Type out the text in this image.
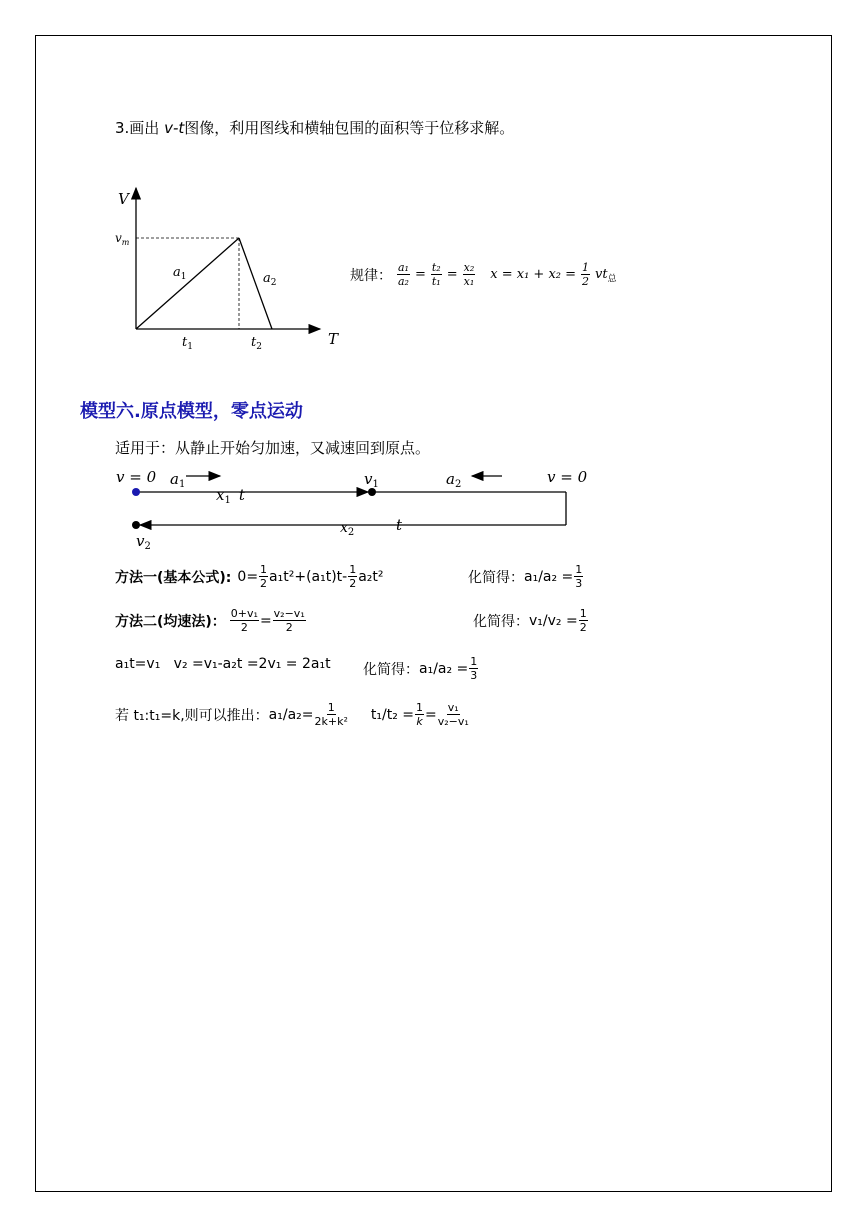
3.画出 v-t图像，利用图线和横轴包围的面积等于位移求解。
V
T
$v_m$
$a_1$	$a_2$
$t_1$	$t_2$
规律： $\frac{\text{a₁}}{\text{a₂}} = \frac{\text{t₂}}{\text{t₁}} = \frac{\text{x₂}}{\text{x₁}}$ $x = x_1 + x_2 = \frac{1}{2} vt_总$
模型六.原点模型，零点运动
适用于：从静止开始匀加速，又减速回到原点。
v = 0 $a_1$
$x_1$ t
$v_1$	$a_2$	v = 0
$x_2$	t
$v_2$
方法一(基本公式): $0= \frac{1}{2} a_1t^2+(a_1t)t- \frac{1}{2} a_2t^2$	化简得： $a_1/a_2 = \frac{1}{3}$
方法二(均速法)： $\frac{\text{0+v₁}}{2} = \frac{\text{v₂−v₁}}{2}$	化简得： $v_1/v_2 = \frac{1}{2}$
a₁t=v₁   v₂ =v₁-a₂t =2v₁ = 2a₁t 化简得： $a_1/a_2 = \frac{1}{3}$
若 t₁:t₁=k,则可以推出： $a_1/a_2= \frac{1}{\text{2k+k²}} t_1/t_2 = \frac{1}{k} = \frac{\text{v₁}}{\text{v₂−v₁}}$
